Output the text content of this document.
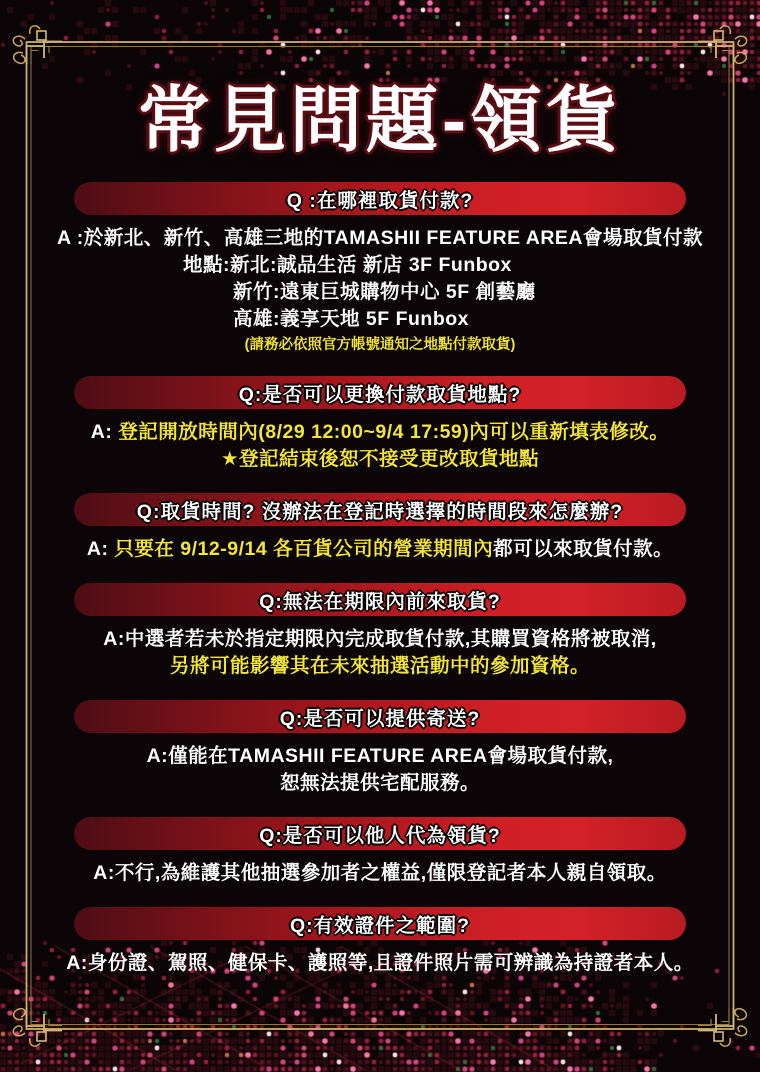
常見問題-領貨
Q :在哪裡取貨付款?
A :於新北、新竹、高雄三地的TAMASHII FEATURE AREA會場取貨付款
地點:新北:誠品生活 新店 3F Funbox
新竹:遠東巨城購物中心 5F 創藝廳
高雄:義享天地 5F Funbox
(請務必依照官方帳號通知之地點付款取貨)
Q:是否可以更換付款取貨地點?
A: 登記開放時間內(8/29 12:00~9/4 17:59)內可以重新填表修改。
★登記結束後恕不接受更改取貨地點
Q:取貨時間? 沒辦法在登記時選擇的時間段來怎麼辦?
A: 只要在 9/12-9/14 各百貨公司的營業期間內都可以來取貨付款。
Q:無法在期限內前來取貨?
A:中選者若未於指定期限內完成取貨付款,其購買資格將被取消,
另將可能影響其在未來抽選活動中的參加資格。
Q:是否可以提供寄送?
A:僅能在TAMASHII FEATURE AREA會場取貨付款,
恕無法提供宅配服務。
Q:是否可以他人代為領貨?
A:不行,為維護其他抽選參加者之權益,僅限登記者本人親自領取。
Q:有效證件之範圍?
A:身份證、駕照、健保卡、護照等,且證件照片需可辨識為持證者本人。
